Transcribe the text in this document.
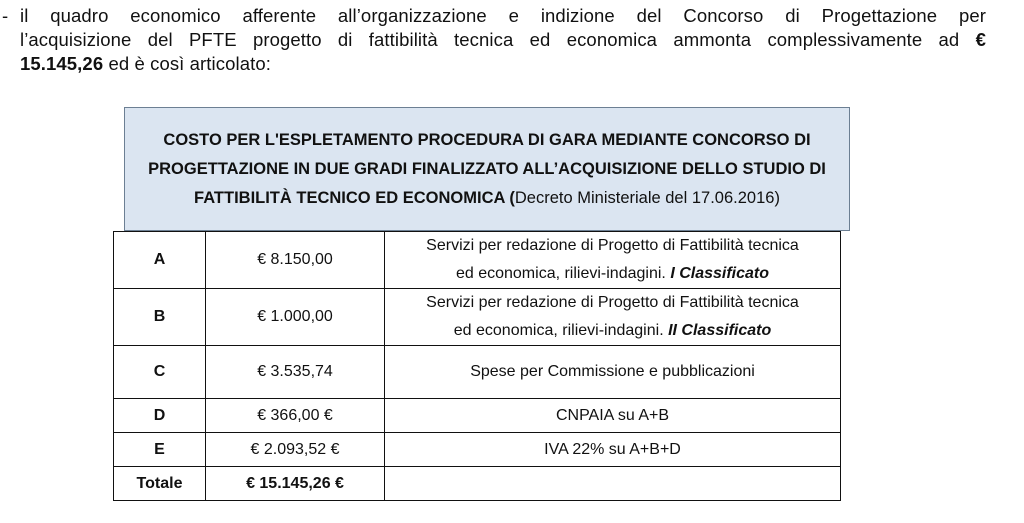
- il quadro economico afferente all’organizzazione e indizione del Concorso di Progettazione per
l’acquisizione del PFTE progetto di fattibilità tecnica ed economica ammonta complessivamente ad €
15.145,26 ed è così articolato:
COSTO PER L'ESPLETAMENTO PROCEDURA DI GARA MEDIANTE CONCORSO DI
PROGETTAZIONE IN DUE GRADI FINALIZZATO ALL’ACQUISIZIONE DELLO STUDIO DI
FATTIBILITÀ TECNICO ED ECONOMICA (Decreto Ministeriale del 17.06.2016)
A	€ 8.150,00	Servizi per redazione di Progetto di Fattibilità tecnica
ed economica, rilievi-indagini. I Classificato
B	€ 1.000,00	Servizi per redazione di Progetto di Fattibilità tecnica
ed economica, rilievi-indagini. II Classificato
C	€ 3.535,74	Spese per Commissione e pubblicazioni
D	€ 366,00 €	CNPAIA su A+B
E	€ 2.093,52 €	IVA 22% su A+B+D
Totale	€ 15.145,26 €	
